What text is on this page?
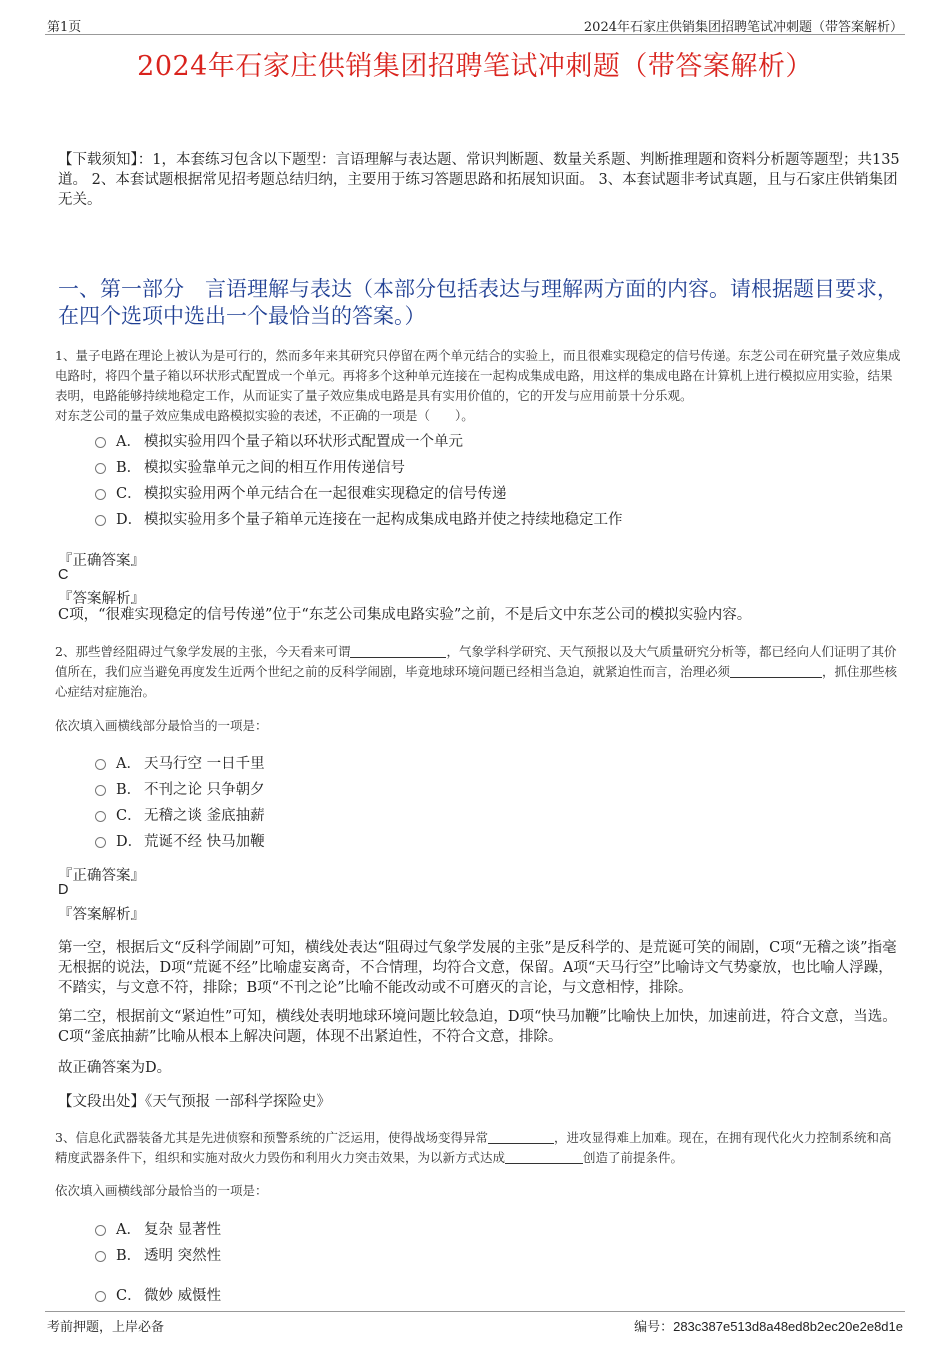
第1页	2024年石家庄供销集团招聘笔试冲刺题（带答案解析）
2024年石家庄供销集团招聘笔试冲刺题（带答案解析）
【下载须知】：1，本套练习包含以下题型：言语理解与表达题、常识判断题、数量关系题、判断推理题和资料分析题等题型；共135道。 2、本套试题根据常见招考题总结归纳，主要用于练习答题思路和拓展知识面。 3、本套试题非考试真题，且与石家庄供销集团无关。
一、第一部分　言语理解与表达（本部分包括表达与理解两方面的内容。请根据题目要求，在四个选项中选出一个最恰当的答案。）
1、量子电路在理论上被认为是可行的，然而多年来其研究只停留在两个单元结合的实验上，而且很难实现稳定的信号传递。东芝公司在研究量子效应集成电路时，将四个量子箱以环状形式配置成一个单元。再将多个这种单元连接在一起构成集成电路，用这样的集成电路在计算机上进行模拟应用实验，结果表明，电路能够持续地稳定工作，从而证实了量子效应集成电路是具有实用价值的，它的开发与应用前景十分乐观。
对东芝公司的量子效应集成电路模拟实验的表述，不正确的一项是（　　）。
A． 模拟实验用四个量子箱以环状形式配置成一个单元
B． 模拟实验靠单元之间的相互作用传递信号
C． 模拟实验用两个单元结合在一起很难实现稳定的信号传递
D． 模拟实验用多个量子箱单元连接在一起构成集成电路并使之持续地稳定工作
『正确答案』
C
『答案解析』
C项，“很难实现稳定的信号传递”位于“东芝公司集成电路实验”之前，不是后文中东芝公司的模拟实验内容。
2、那些曾经阻碍过气象学发展的主张，今天看来可谓	，气象学科学研究、天气预报以及大气质量研究分析等，都已经向人们证明了其价值所在，我们应当避免再度发生近两个世纪之前的反科学闹剧，毕竟地球环境问题已经相当急迫，就紧迫性而言，治理必须	，抓住那些核心症结对症施治。
依次填入画横线部分最恰当的一项是：
A． 天马行空 一日千里
B． 不刊之论 只争朝夕
C． 无稽之谈 釜底抽薪
D． 荒诞不经 快马加鞭
『正确答案』
D
『答案解析』
第一空，根据后文“反科学闹剧”可知，横线处表达“阻碍过气象学发展的主张”是反科学的、是荒诞可笑的闹剧，C项“无稽之谈”指毫无根据的说法，D项“荒诞不经”比喻虚妄离奇，不合情理，均符合文意，保留。A项“天马行空”比喻诗文气势豪放，也比喻人浮躁，不踏实，与文意不符，排除；B项“不刊之论”比喻不能改动或不可磨灭的言论，与文意相悖，排除。
第二空，根据前文“紧迫性”可知，横线处表明地球环境问题比较急迫，D项“快马加鞭”比喻快上加快，加速前进，符合文意，当选。C项“釜底抽薪”比喻从根本上解决问题，体现不出紧迫性，不符合文意，排除。
故正确答案为D。
【文段出处】《天气预报 一部科学探险史》
3、信息化武器装备尤其是先进侦察和预警系统的广泛运用，使得战场变得异常	，进攻显得难上加难。现在，在拥有现代化火力控制系统和高精度武器条件下，组织和实施对敌火力毁伤和利用火力突击效果，为以新方式达成	创造了前提条件。
依次填入画横线部分最恰当的一项是：
A． 复杂 显著性
B． 透明 突然性
C． 微妙 威慑性
考前押题，上岸必备	编号：283c387e513d8a48ed8b2ec20e2e8d1e
